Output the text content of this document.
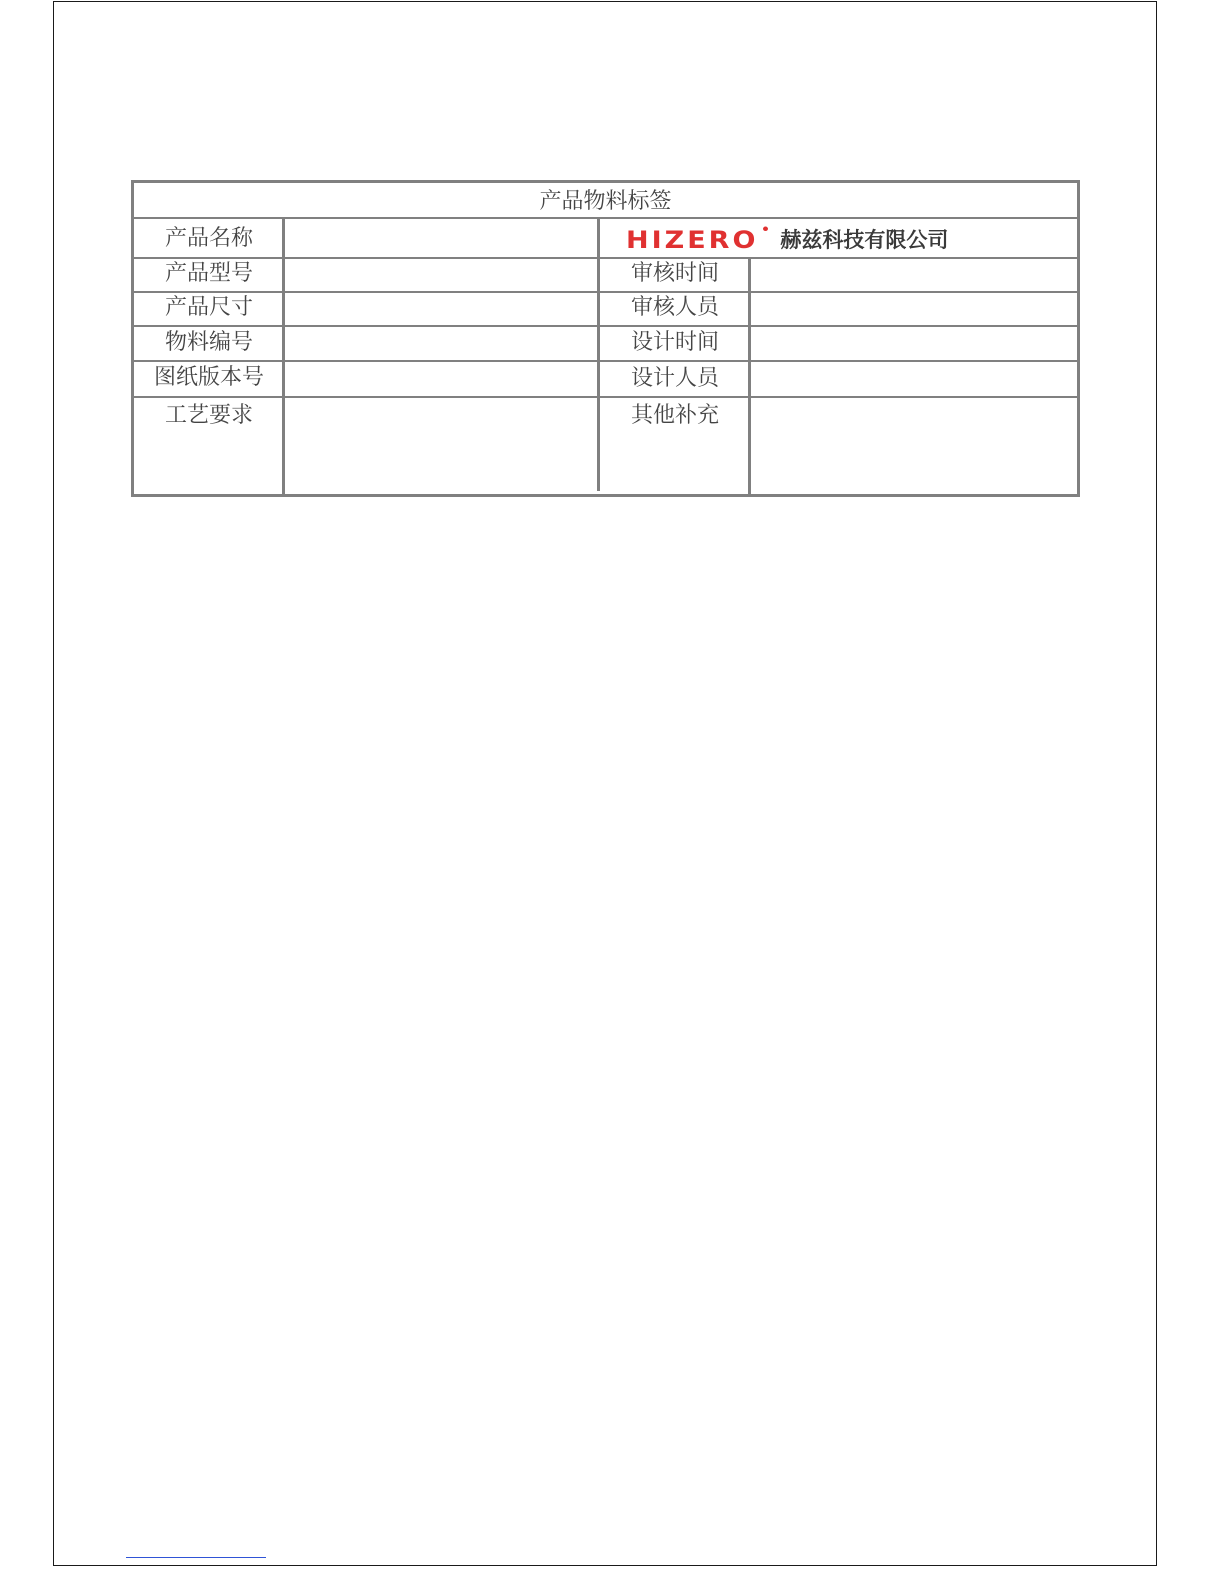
产品物料标签
产品名称
产品型号
产品尺寸
物料编号
图纸版本号
工艺要求
HIZERO	赫兹科技有限公司
审核时间
审核人员
设计时间
设计人员
其他补充
